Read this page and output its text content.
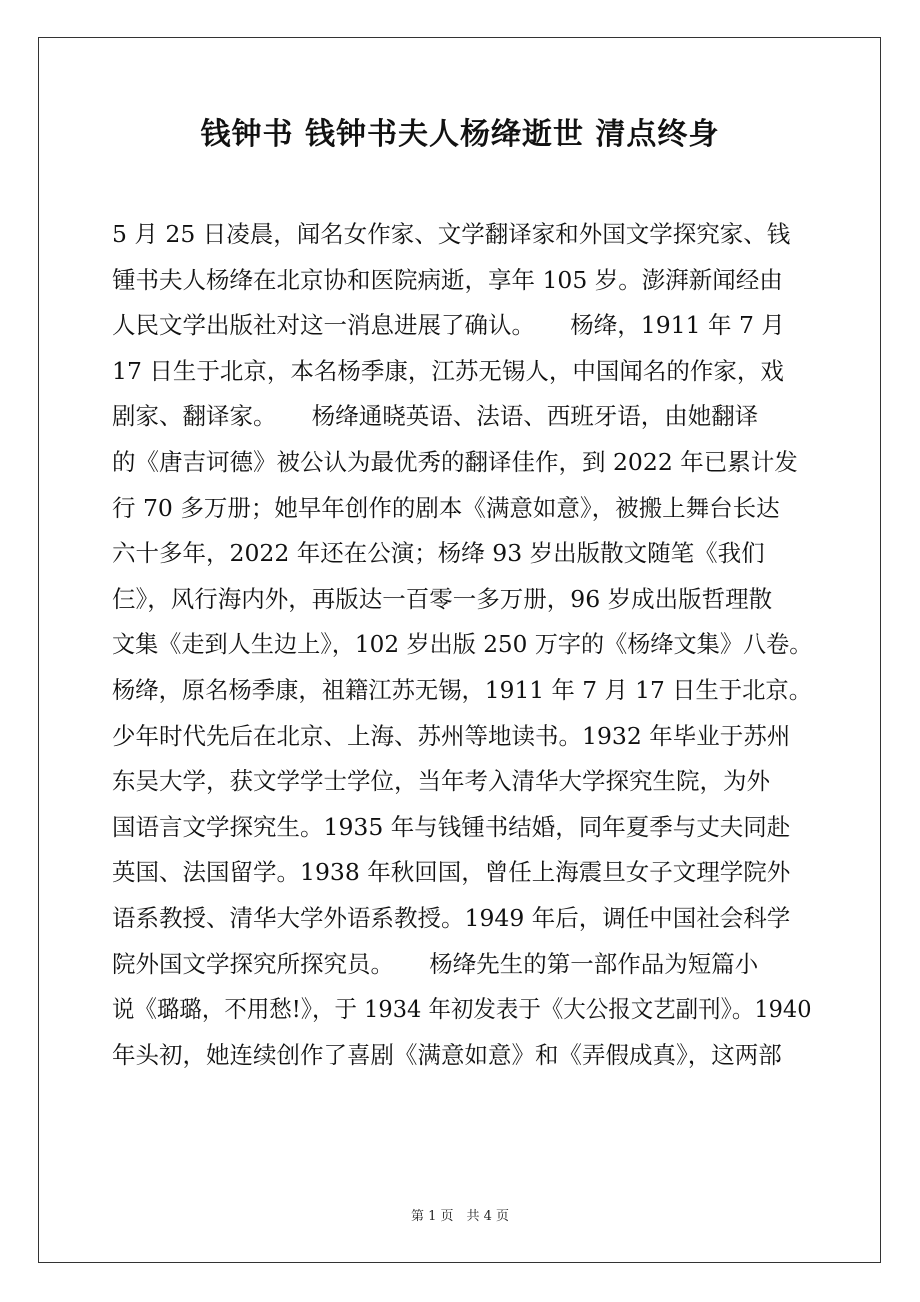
钱钟书 钱钟书夫人杨绛逝世 清点终身
5 月 25 日凌晨，闻名女作家、文学翻译家和外国文学探究家、钱
锺书夫人杨绛在北京协和医院病逝，享年 105 岁。澎湃新闻经由
人民文学出版社对这一消息进展了确认。　　杨绛，1911 年 7 月
17 日生于北京，本名杨季康，江苏无锡人，中国闻名的作家，戏
剧家、翻译家。　　杨绛通晓英语、法语、西班牙语，由她翻译
的《唐吉诃德》被公认为最优秀的翻译佳作，到 2022 年已累计发
行 70 多万册；她早年创作的剧本《满意如意》，被搬上舞台长达
六十多年，2022 年还在公演；杨绛 93 岁出版散文随笔《我们
仨》，风行海内外，再版达一百零一多万册，96 岁成出版哲理散
文集《走到人生边上》，102 岁出版 250 万字的《杨绛文集》八卷。
杨绛，原名杨季康，祖籍江苏无锡，1911 年 7 月 17 日生于北京。
少年时代先后在北京、上海、苏州等地读书。1932 年毕业于苏州
东吴大学，获文学学士学位，当年考入清华大学探究生院，为外
国语言文学探究生。1935 年与钱锺书结婚，同年夏季与丈夫同赴
英国、法国留学。1938 年秋回国，曾任上海震旦女子文理学院外
语系教授、清华大学外语系教授。1949 年后，调任中国社会科学
院外国文学探究所探究员。　　杨绛先生的第一部作品为短篇小
说《璐璐，不用愁!》，于 1934 年初发表于《大公报文艺副刊》。1940
年头初，她连续创作了喜剧《满意如意》和《弄假成真》，这两部
第 1 页　共 4 页
